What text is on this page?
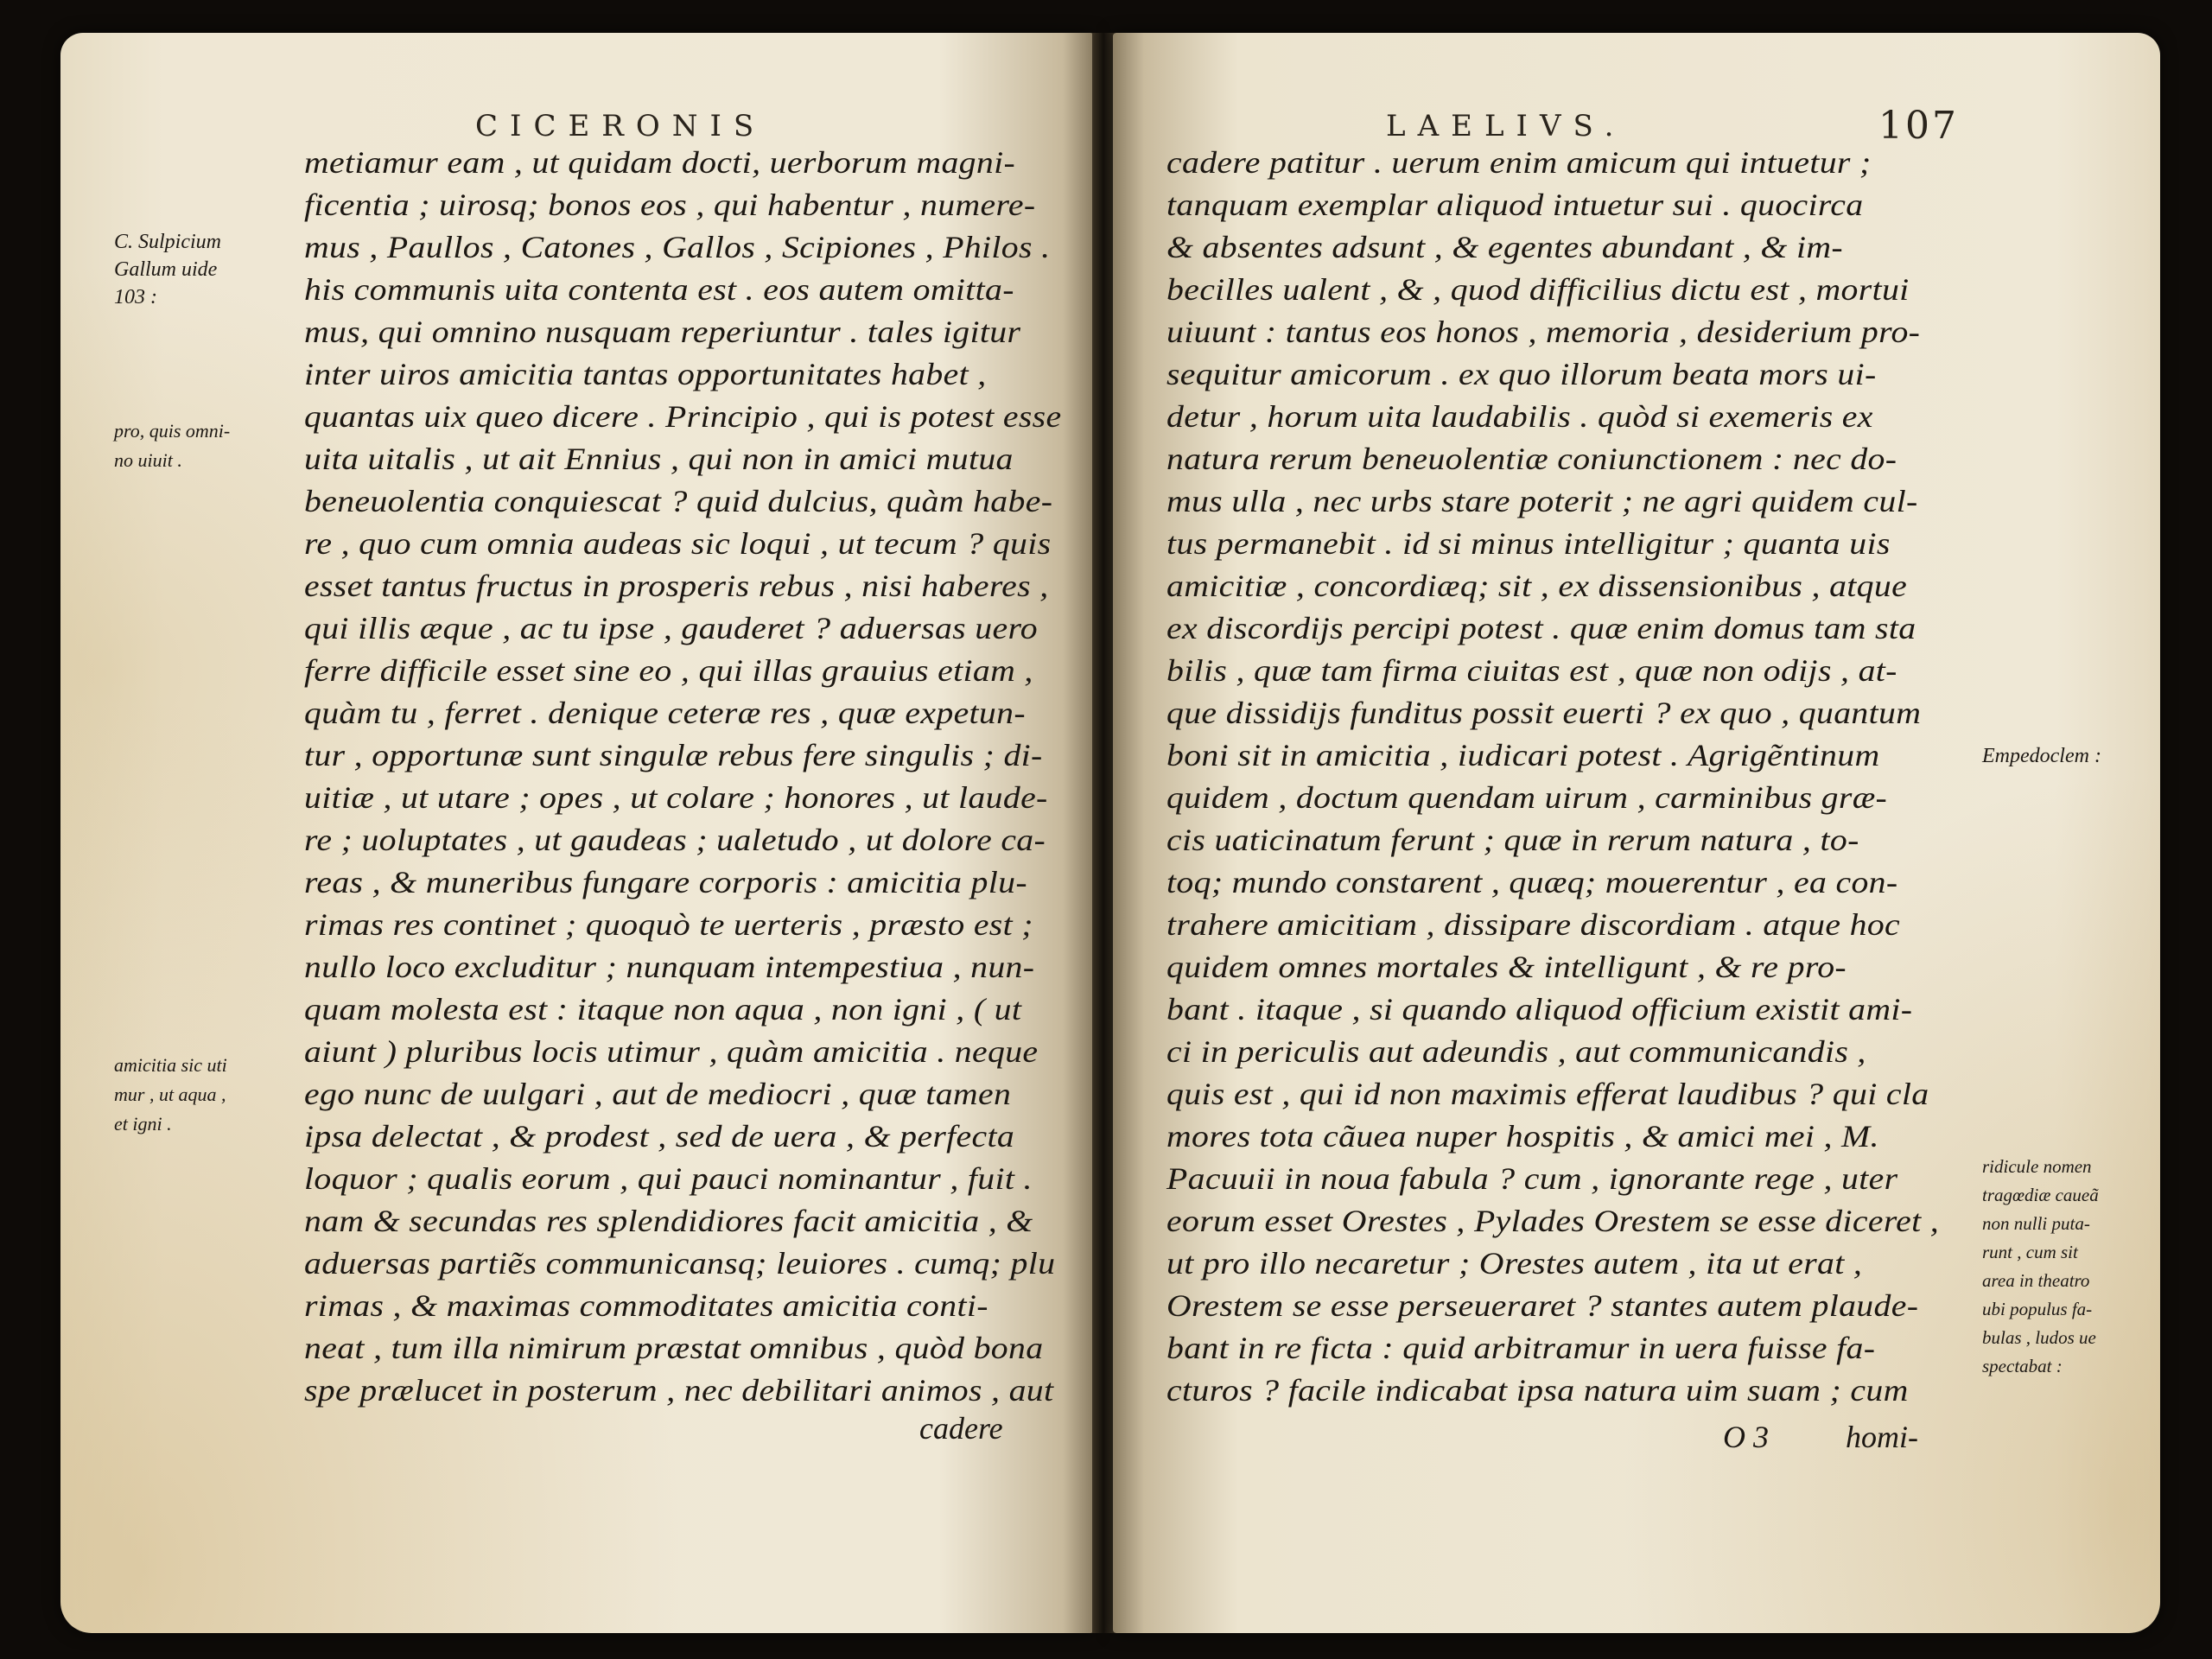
CICERONIS
metiamur eam , ut quidam docti, uerborum magni-
ficentia ; uirosq; bonos eos , qui habentur , numere-
mus , Paullos , Catones , Gallos , Scipiones , Philos .
his communis uita contenta est . eos autem omitta-
mus, qui omnino nusquam reperiuntur . tales igitur
inter uiros amicitia tantas opportunitates habet ,
quantas uix queo dicere . Principio , qui is potest esse
uita uitalis , ut ait Ennius , qui non in amici mutua
beneuolentia conquiescat ? quid dulcius, quàm habe-
re , quo cum omnia audeas sic loqui , ut tecum ? quis
esset tantus fructus in prosperis rebus , nisi haberes ,
qui illis æque , ac tu ipse , gauderet ? aduersas uero
ferre difficile esset sine eo , qui illas grauius etiam ,
quàm tu , ferret . denique ceteræ res , quæ expetun-
tur , opportunæ sunt singulæ rebus fere singulis ; di-
uitiæ , ut utare ; opes , ut colare ; honores , ut laude-
re ; uoluptates , ut gaudeas ; ualetudo , ut dolore ca-
reas , & muneribus fungare corporis : amicitia plu-
rimas res continet ; quoquò te uerteris , præsto est ;
nullo loco excluditur ; nunquam intempestiua , nun-
quam molesta est : itaque non aqua , non igni , ( ut
aiunt ) pluribus locis utimur , quàm amicitia . neque
ego nunc de uulgari , aut de mediocri , quæ tamen
ipsa delectat , & prodest , sed de uera , & perfecta
loquor ; qualis eorum , qui pauci nominantur , fuit .
nam & secundas res splendidiores facit amicitia , &
aduersas partiẽs communicansq; leuiores . cumq; plu
rimas , & maximas commoditates amicitia conti-
neat , tum illa nimirum præstat omnibus , quòd bona
spe prælucet in posterum , nec debilitari animos , aut
cadere
C. Sulpicium
Gallum uide
103 :
pro, quis omni-
no uiuit .
amicitia sic uti
mur , ut aqua ,
et igni .
LAELIVS.	107
cadere patitur . uerum enim amicum qui intuetur ;
tanquam exemplar aliquod intuetur sui . quocirca
& absentes adsunt , & egentes abundant , & im-
becilles ualent , & , quod difficilius dictu est , mortui
uiuunt : tantus eos honos , memoria , desiderium pro-
sequitur amicorum . ex quo illorum beata mors ui-
detur , horum uita laudabilis . quòd si exemeris ex
natura rerum beneuolentiæ coniunctionem : nec do-
mus ulla , nec urbs stare poterit ; ne agri quidem cul-
tus permanebit . id si minus intelligitur ; quanta uis
amicitiæ , concordiæq; sit , ex dissensionibus , atque
ex discordijs percipi potest . quæ enim domus tam sta
bilis , quæ tam firma ciuitas est , quæ non odijs , at-
que dissidijs funditus possit euerti ? ex quo , quantum
boni sit in amicitia , iudicari potest . Agrigẽntinum
quidem , doctum quendam uirum , carminibus græ-
cis uaticinatum ferunt ; quæ in rerum natura , to-
toq; mundo constarent , quæq; mouerentur , ea con-
trahere amicitiam , dissipare discordiam . atque hoc
quidem omnes mortales & intelligunt , & re pro-
bant . itaque , si quando aliquod officium existit ami-
ci in periculis aut adeundis , aut communicandis ,
quis est , qui id non maximis efferat laudibus ? qui cla
mores tota cãuea nuper hospitis , & amici mei , M.
Pacuuii in noua fabula ? cum , ignorante rege , uter
eorum esset Orestes , Pylades Orestem se esse diceret ,
ut pro illo necaretur ; Orestes autem , ita ut erat ,
Orestem se esse perseueraret ? stantes autem plaude-
bant in re ficta : quid arbitramur in uera fuisse fa-
cturos ? facile indicabat ipsa natura uim suam ; cum
O 3 homi-
Empedoclem :
ridicule nomen
tragœdiæ caueã
non nulli puta-
runt , cum sit
area in theatro
ubi populus fa-
bulas , ludos ue
spectabat :
